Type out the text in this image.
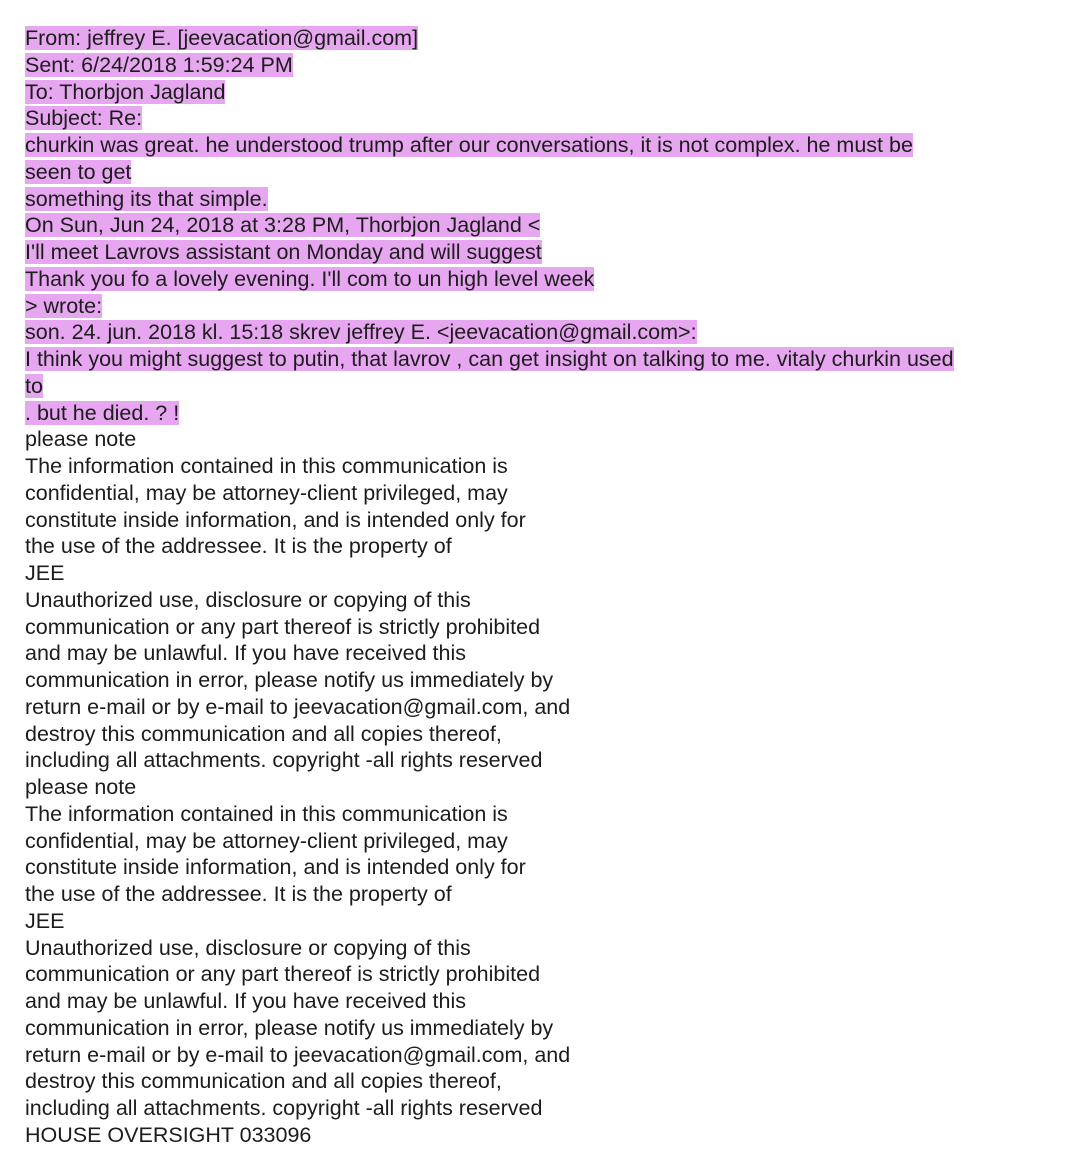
From: jeffrey E. [jeevacation@gmail.com]
Sent: 6/24/2018 1:59:24 PM
To: Thorbjon Jagland
Subject: Re:
churkin was great. he understood trump after our conversations, it is not complex. he must be
seen to get
something its that simple.
On Sun, Jun 24, 2018 at 3:28 PM, Thorbjon Jagland <
I'll meet Lavrovs assistant on Monday and will suggest
Thank you fo a lovely evening. I'll com to un high level week
> wrote:
son. 24. jun. 2018 kl. 15:18 skrev jeffrey E. <jeevacation@gmail.com>:
I think you might suggest to putin, that lavrov , can get insight on talking to me. vitaly churkin used
to
. but he died. ? !
please note
The information contained in this communication is
confidential, may be attorney-client privileged, may
constitute inside information, and is intended only for
the use of the addressee. It is the property of
JEE
Unauthorized use, disclosure or copying of this
communication or any part thereof is strictly prohibited
and may be unlawful. If you have received this
communication in error, please notify us immediately by
return e-mail or by e-mail to jeevacation@gmail.com, and
destroy this communication and all copies thereof,
including all attachments. copyright -all rights reserved
please note
The information contained in this communication is
confidential, may be attorney-client privileged, may
constitute inside information, and is intended only for
the use of the addressee. It is the property of
JEE
Unauthorized use, disclosure or copying of this
communication or any part thereof is strictly prohibited
and may be unlawful. If you have received this
communication in error, please notify us immediately by
return e-mail or by e-mail to jeevacation@gmail.com, and
destroy this communication and all copies thereof,
including all attachments. copyright -all rights reserved
HOUSE OVERSIGHT 033096
